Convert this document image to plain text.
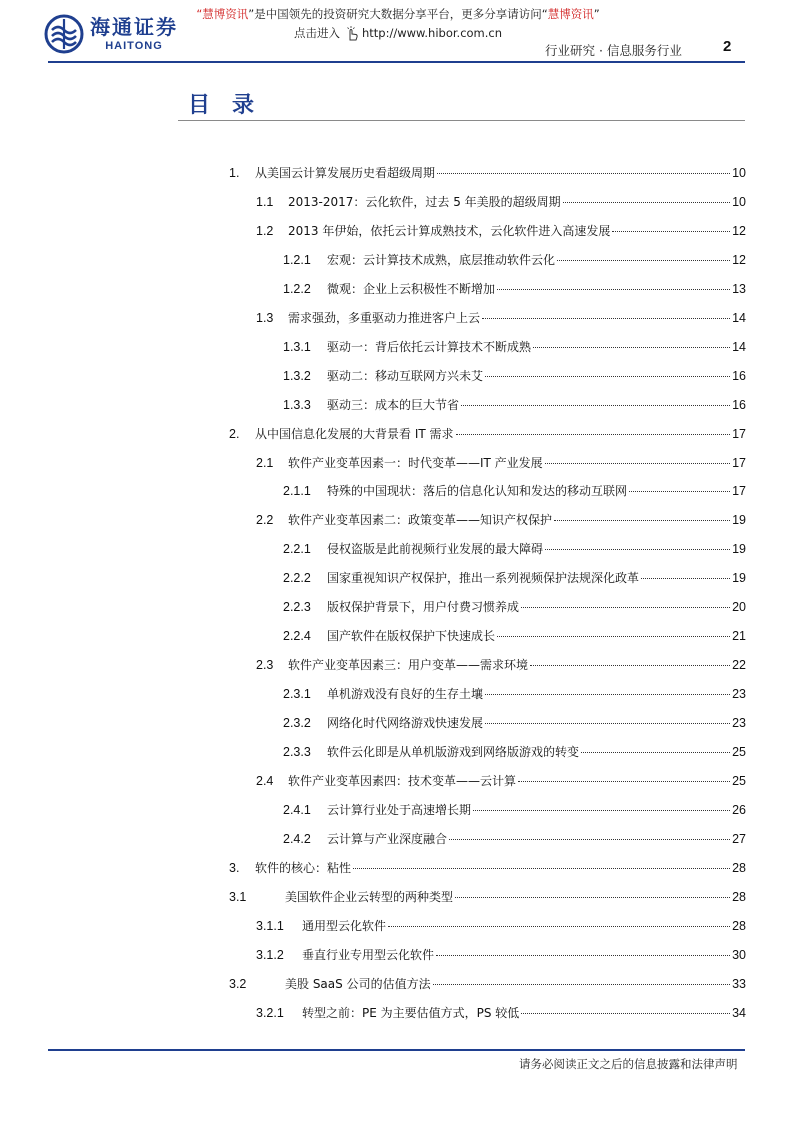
海通证券
HAITONG
“慧博资讯”是中国领先的投资研究大数据分享平台，更多分享请访问“慧博资讯”
点击进入 http://www.hibor.com.cn
行业研究 · 信息服务行业	2
目录
1.	从美国云计算发展历史看超级周期	10
1.1	2013-2017：云化软件，过去 5 年美股的超级周期	10
1.2	2013 年伊始，依托云计算成熟技术，云化软件进入高速发展	12
1.2.1	宏观：云计算技术成熟，底层推动软件云化	12
1.2.2	微观：企业上云积极性不断增加	13
1.3	需求强劲，多重驱动力推进客户上云	14
1.3.1	驱动一：背后依托云计算技术不断成熟	14
1.3.2	驱动二：移动互联网方兴未艾	16
1.3.3	驱动三：成本的巨大节省	16
2.	从中国信息化发展的大背景看 IT 需求	17
2.1	软件产业变革因素一：时代变革——IT 产业发展	17
2.1.1	特殊的中国现状：落后的信息化认知和发达的移动互联网	17
2.2	软件产业变革因素二：政策变革——知识产权保护	19
2.2.1	侵权盗版是此前视频行业发展的最大障碍	19
2.2.2	国家重视知识产权保护，推出一系列视频保护法规深化政革	19
2.2.3	版权保护背景下，用户付费习惯养成	20
2.2.4	国产软件在版权保护下快速成长	21
2.3	软件产业变革因素三：用户变革——需求环境	22
2.3.1	单机游戏没有良好的生存土壤	23
2.3.2	网络化时代网络游戏快速发展	23
2.3.3	软件云化即是从单机版游戏到网络版游戏的转变	25
2.4	软件产业变革因素四：技术变革——云计算	25
2.4.1	云计算行业处于高速增长期	26
2.4.2	云计算与产业深度融合	27
3.	软件的核心：粘性	28
3.1	美国软件企业云转型的两种类型	28
3.1.1	通用型云化软件	28
3.1.2	垂直行业专用型云化软件	30
3.2	美股 SaaS 公司的估值方法	33
3.2.1	转型之前：PE 为主要估值方式，PS 较低	34
请务必阅读正文之后的信息披露和法律声明
